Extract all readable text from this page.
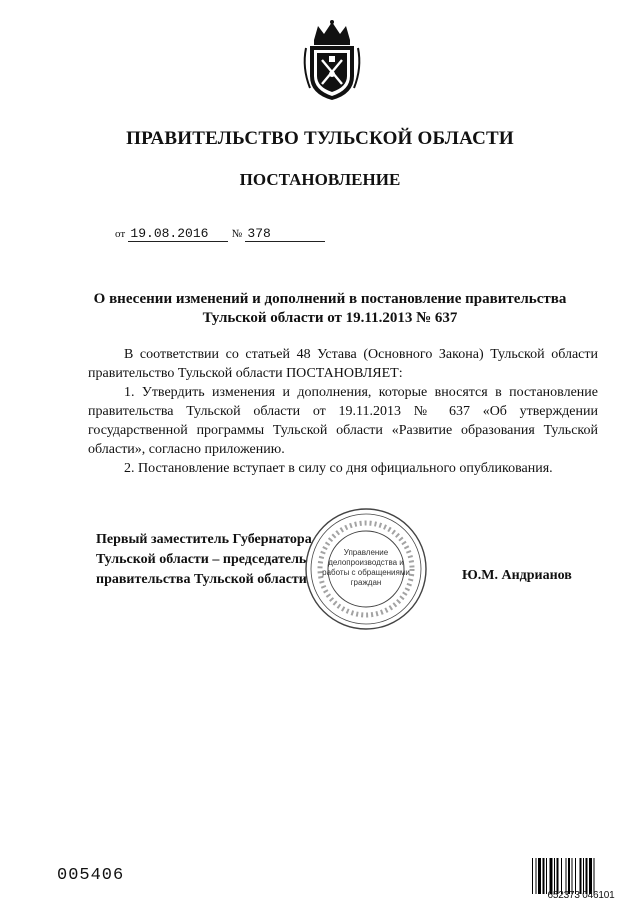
ПРАВИТЕЛЬСТВО ТУЛЬСКОЙ ОБЛАСТИ
ПОСТАНОВЛЕНИЕ
от 19.08.2016 № 378
О внесении изменений и дополнений в постановление правительства
Тульской области от 19.11.2013 № 637

В соответствии со статьей 48 Устава (Основного Закона) Тульской области правительство Тульской области ПОСТАНОВЛЯЕТ:

1. Утвердить изменения и дополнения, которые вносятся в постановление правительства Тульской области от 19.11.2013 № 637 «Об утверждении государственной программы Тульской области «Развитие образования Тульской области», согласно приложению.

2. Постановление вступает в силу со дня официального опубликования.

Управление делопроизводства и работы с обращениями граждан
Первый заместитель Губернатора
Тульской области – председатель
правительства Тульской области	Ю.М. Андрианов
005406
652373 046101
